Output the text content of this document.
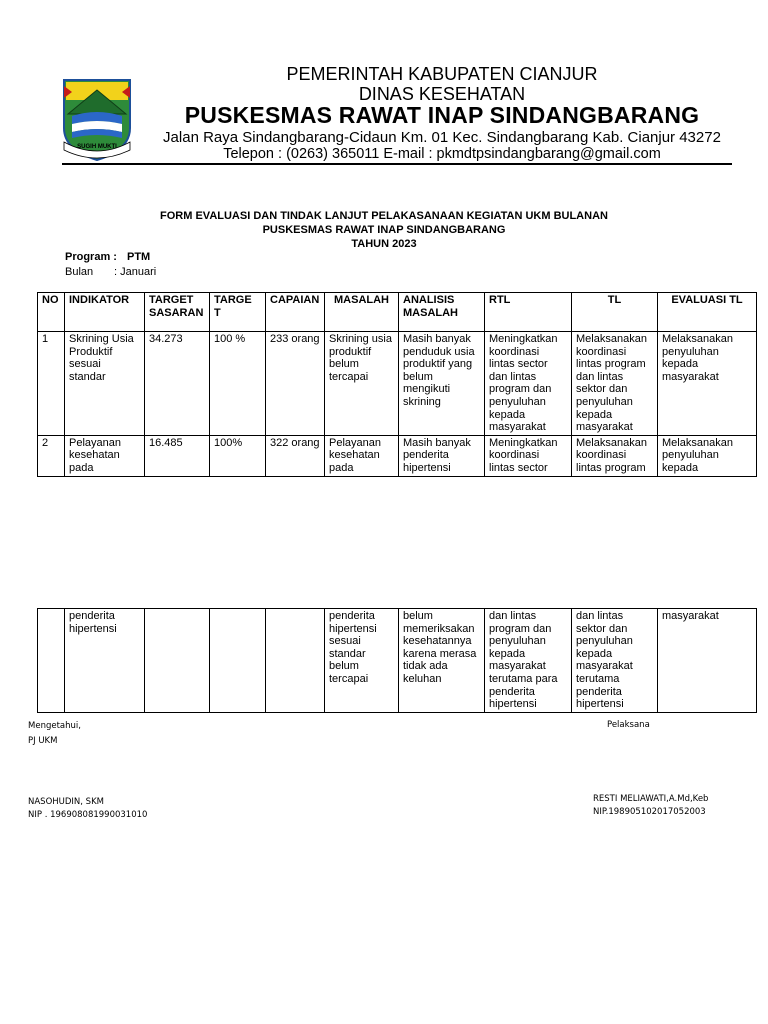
SUGIH MUKTI
PEMERINTAH KABUPATEN CIANJUR
DINAS KESEHATAN
PUSKESMAS RAWAT INAP SINDANGBARANG
Jalan Raya Sindangbarang-Cidaun Km. 01 Kec. Sindangbarang Kab. Cianjur 43272
Telepon : (0263) 365011 E-mail : pkmdtpsindangbarang@gmail.com
FORM EVALUASI DAN TINDAK LANJUT PELAKASANAAN KEGIATAN UKM BULANAN
PUSKESMAS RAWAT INAP SINDANGBARANG
TAHUN 2023
Program : PTM
Bulan : Januari
NO	INDIKATOR	TARGET SASARAN	TARGE T	CAPAIAN	MASALAH	ANALISIS MASALAH	RTL	TL	EVALUASI TL
1	Skrining Usia Produktif sesuai standar	34.273	100 %	233 orang	Skrining usia produktif belum tercapai	Masih banyak penduduk usia produktif yang belum mengikuti skrining	Meningkatkan koordinasi lintas sector dan lintas program dan penyuluhan kepada masyarakat	Melaksanakan koordinasi lintas program dan lintas sektor dan penyuluhan kepada masyarakat	Melaksanakan penyuluhan kepada masyarakat
2	Pelayanan kesehatan pada	16.485	100%	322 orang	Pelayanan kesehatan pada	Masih banyak penderita hipertensi	Meningkatkan koordinasi lintas sector	Melaksanakan koordinasi lintas program	Melaksanakan penyuluhan kepada
	penderita hipertensi				penderita hipertensi sesuai standar belum tercapai	belum memeriksakan kesehatannya karena merasa tidak ada keluhan	dan lintas program dan penyuluhan kepada masyarakat terutama para penderita hipertensi	dan lintas sektor dan penyuluhan kepada masyarakat terutama penderita hipertensi	masyarakat
Mengetahui,
PJ UKM
NASOHUDIN, SKM
NIP . 196908081990031010
Pelaksana
RESTI MELIAWATI,A.Md,Keb
NIP.198905102017052003
